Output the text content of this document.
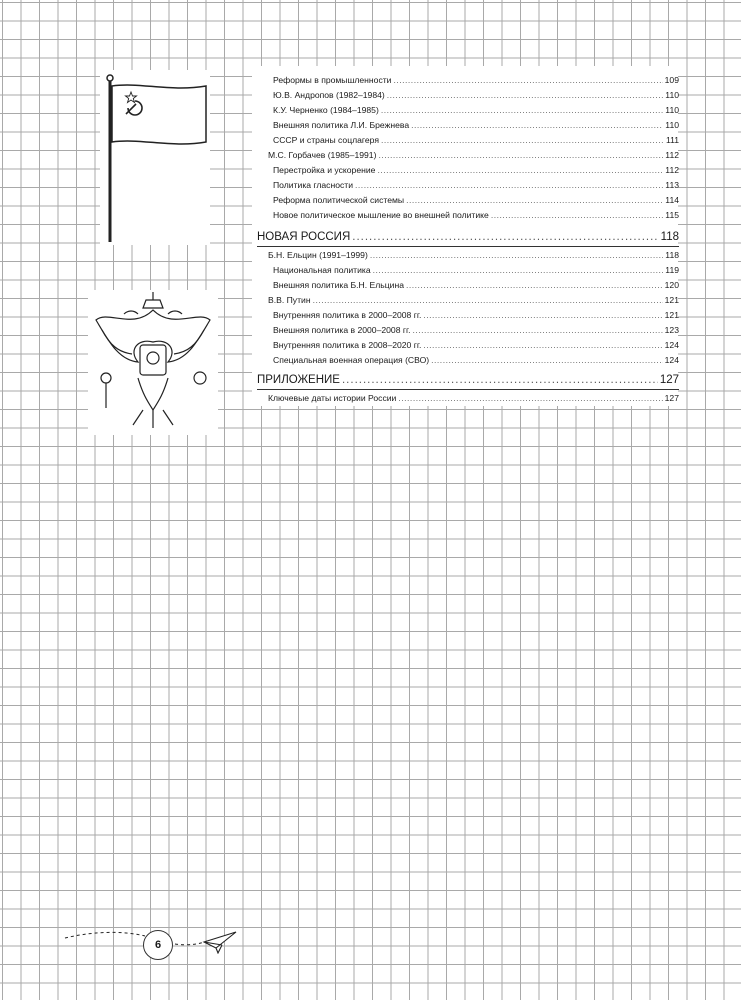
Реформы в промышленности .....	109
Ю.В. Андропов (1982–1984) .....	110
К.У. Черненко (1984–1985) .....	110
Внешняя политика Л.И. Брежнева .....	110
СССР и страны соцлагеря .....	111
М.С. Горбачев (1985–1991) .....	112
Перестройка и ускорение .....	112
Политика гласности .....	113
Реформа политической системы .....	114
Новое политическое мышление во внешней политике .....	115
НОВАЯ РОССИЯ .....	118
Б.Н. Ельцин (1991–1999) .....	118
Национальная политика .....	119
Внешняя политика Б.Н. Ельцина .....	120
В.В. Путин .....	121
Внутренняя политика в 2000–2008 гг. .....	121
Внешняя политика в 2000–2008 гг. .....	123
Внутренняя политика в 2008–2020 гг. .....	124
Специальная военная операция (СВО) .....	124
ПРИЛОЖЕНИЕ .....	127
Ключевые даты истории России .....	127
6
